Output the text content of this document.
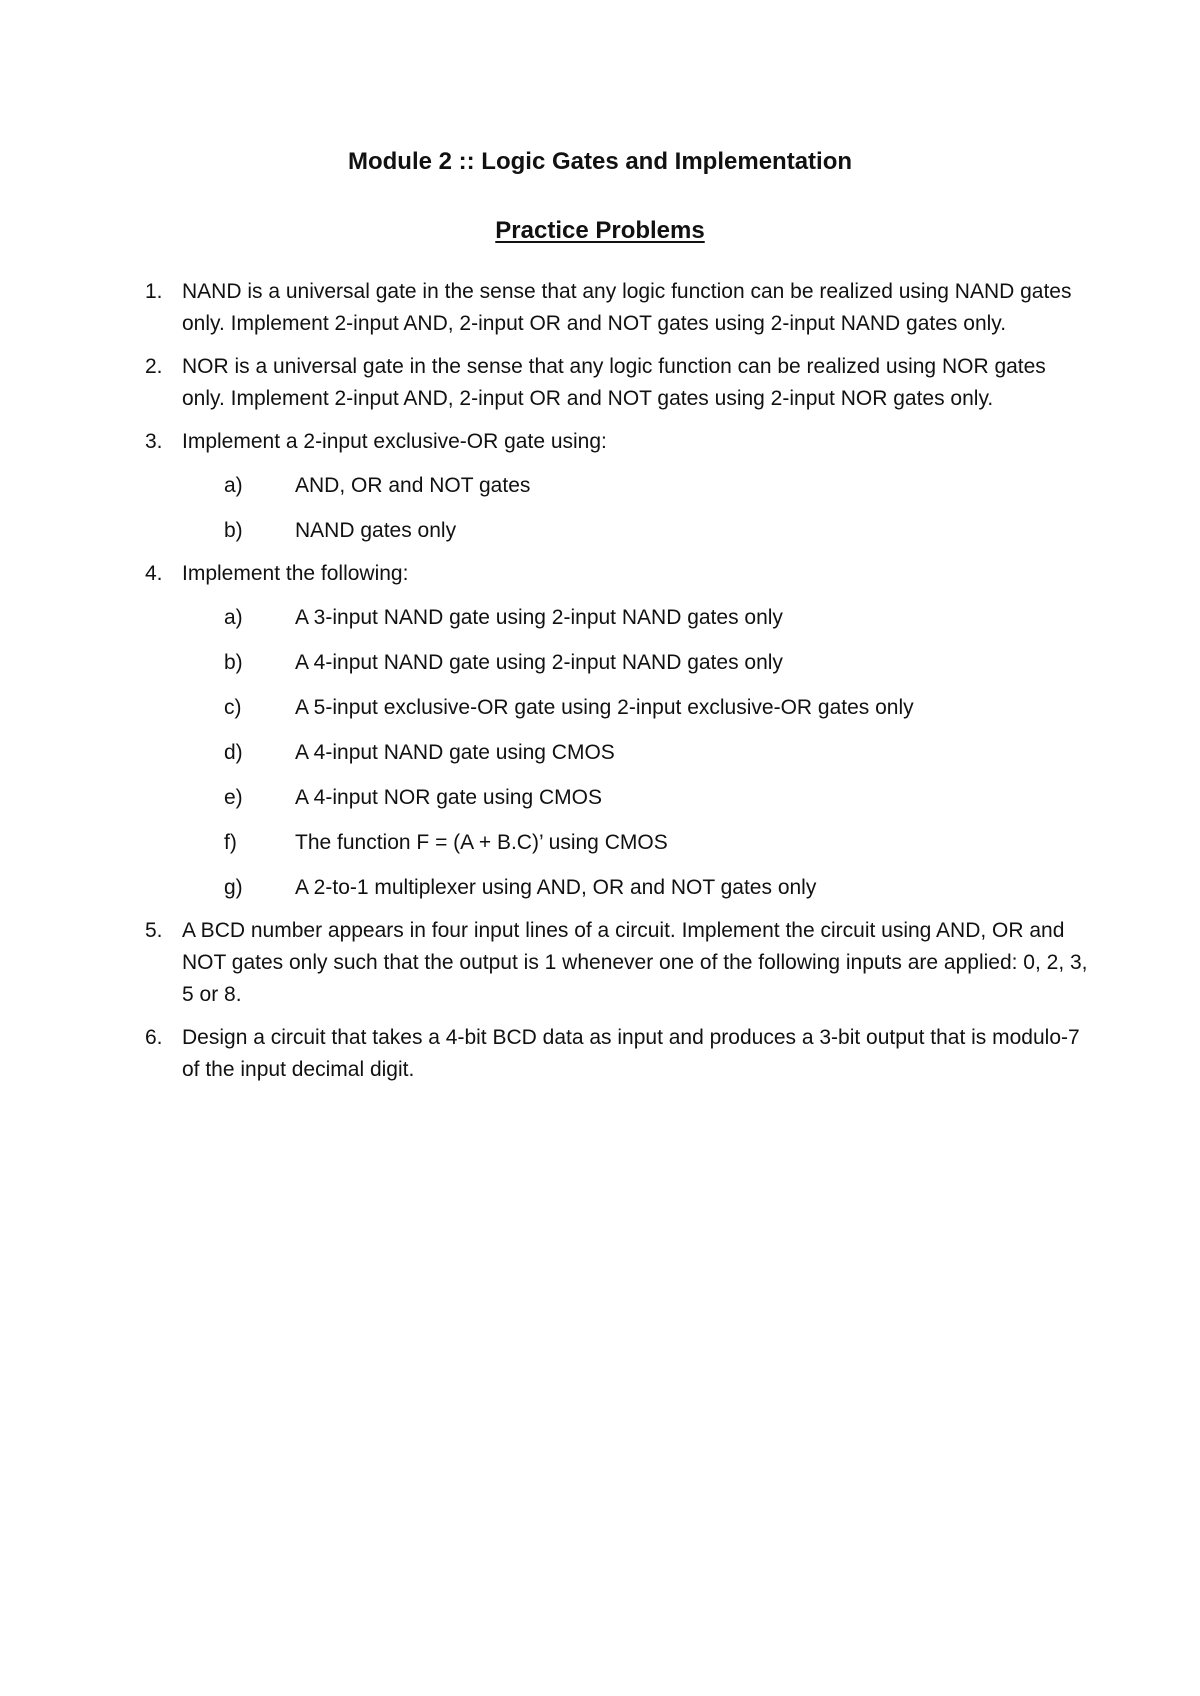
Module 2 :: Logic Gates and Implementation
Practice Problems
1. NAND is a universal gate in the sense that any logic function can be realized using NAND gates only. Implement 2-input AND, 2-input OR and NOT gates using 2-input NAND gates only.
2. NOR is a universal gate in the sense that any logic function can be realized using NOR gates only. Implement 2-input AND, 2-input OR and NOT gates using 2-input NOR gates only.
3. Implement a 2-input exclusive-OR gate using:
a)	AND, OR and NOT gates
b)	NAND gates only
4. Implement the following:
a)	A 3-input NAND gate using 2-input NAND gates only
b)	A 4-input NAND gate using 2-input NAND gates only
c)	A 5-input exclusive-OR gate using 2-input exclusive-OR gates only
d)	A 4-input NAND gate using CMOS
e)	A 4-input NOR gate using CMOS
f)	The function F = (A + B.C)’ using CMOS
g)	A 2-to-1 multiplexer using AND, OR and NOT gates only
5. A BCD number appears in four input lines of a circuit. Implement the circuit using AND, OR and NOT gates only such that the output is 1 whenever one of the following inputs are applied: 0, 2, 3, 5 or 8.
6. Design a circuit that takes a 4-bit BCD data as input and produces a 3-bit output that is modulo-7 of the input decimal digit.
